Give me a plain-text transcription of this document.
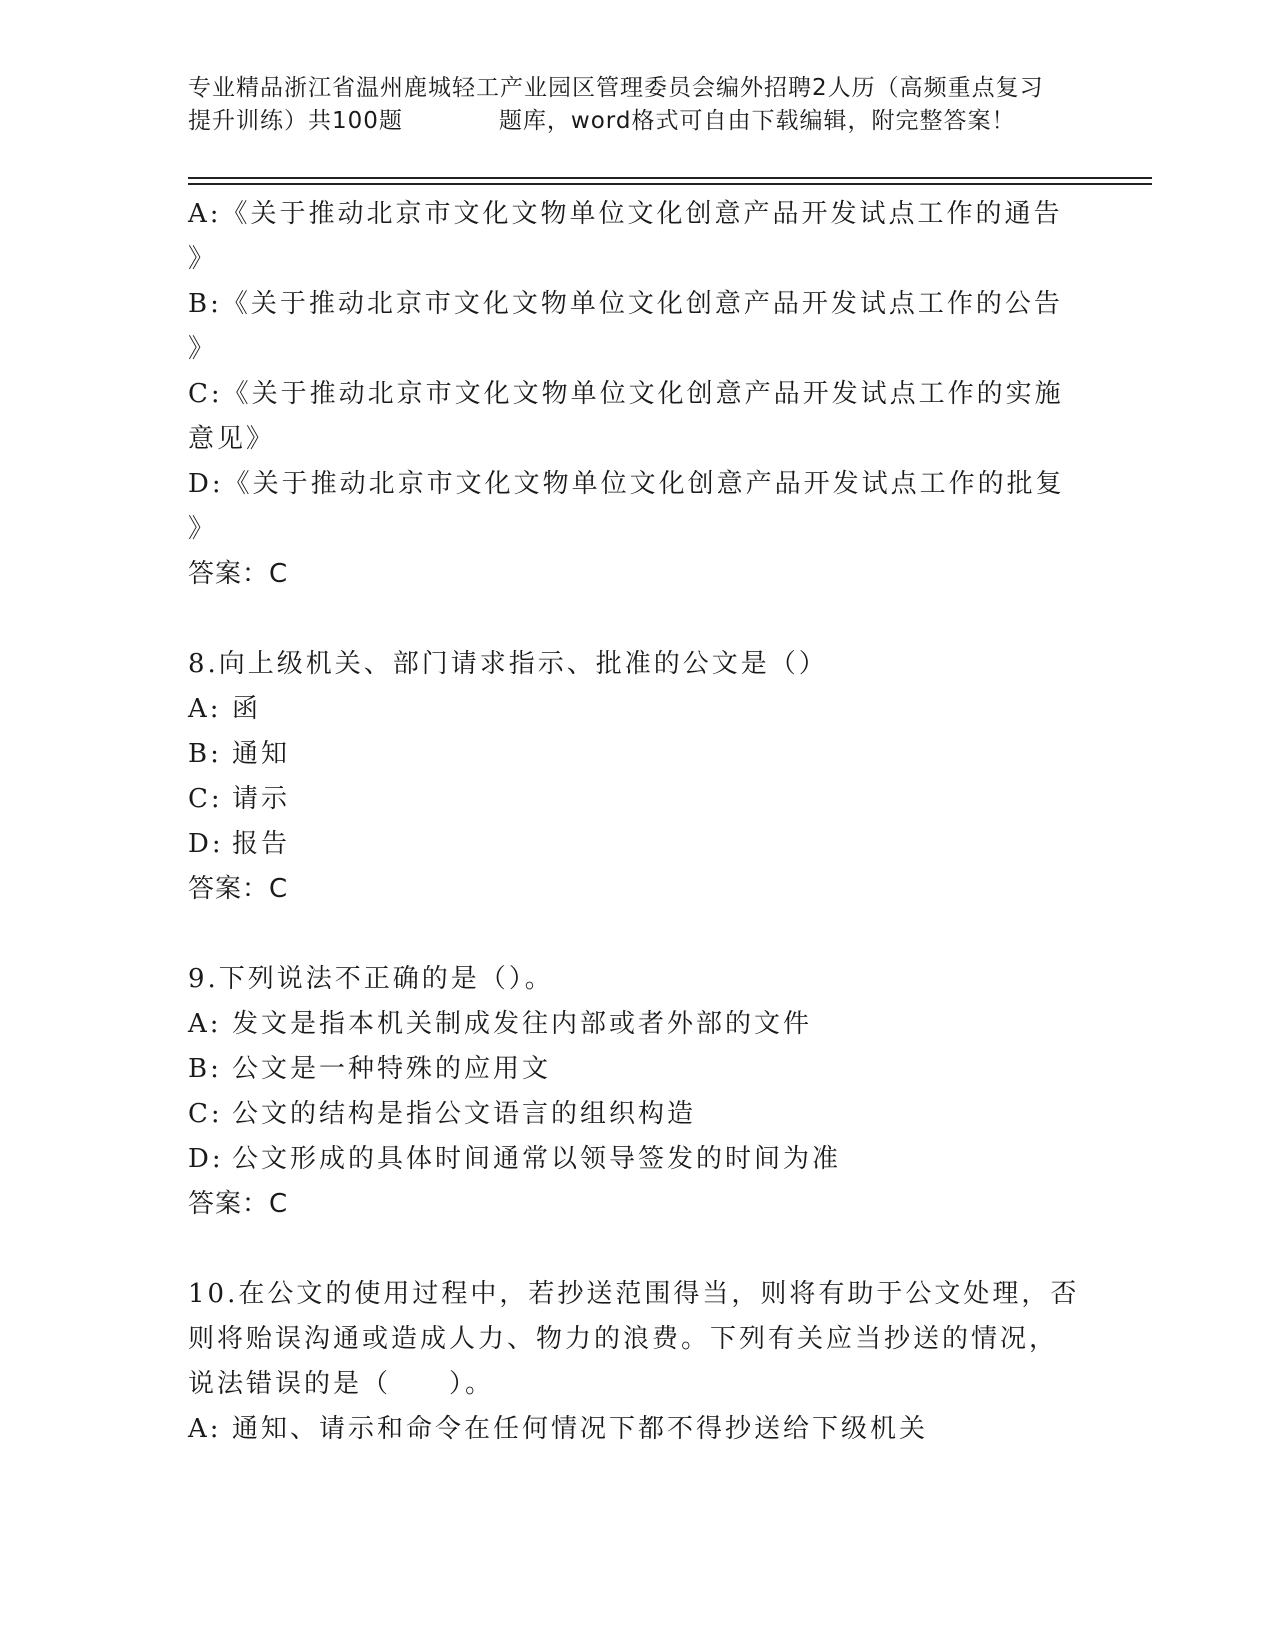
专业精品浙江省温州鹿城轻工产业园区管理委员会编外招聘2人历（高频重点复习
提升训练）共100题	题库，word格式可自由下载编辑，附完整答案！
A:《关于推动北京市文化文物单位文化创意产品开发试点工作的通告
》
B:《关于推动北京市文化文物单位文化创意产品开发试点工作的公告
》
C:《关于推动北京市文化文物单位文化创意产品开发试点工作的实施
意见》
D:《关于推动北京市文化文物单位文化创意产品开发试点工作的批复
》
答案：C
8.向上级机关、部门请求指示、批准的公文是（）
A: 函
B: 通知
C: 请示
D: 报告
答案：C
9.下列说法不正确的是（）。
A: 发文是指本机关制成发往内部或者外部的文件
B: 公文是一种特殊的应用文
C: 公文的结构是指公文语言的组织构造
D: 公文形成的具体时间通常以领导签发的时间为准
答案：C
10.在公文的使用过程中，若抄送范围得当，则将有助于公文处理，否
则将贻误沟通或造成人力、物力的浪费。下列有关应当抄送的情况，
说法错误的是（　　）。
A: 通知、请示和命令在任何情况下都不得抄送给下级机关
